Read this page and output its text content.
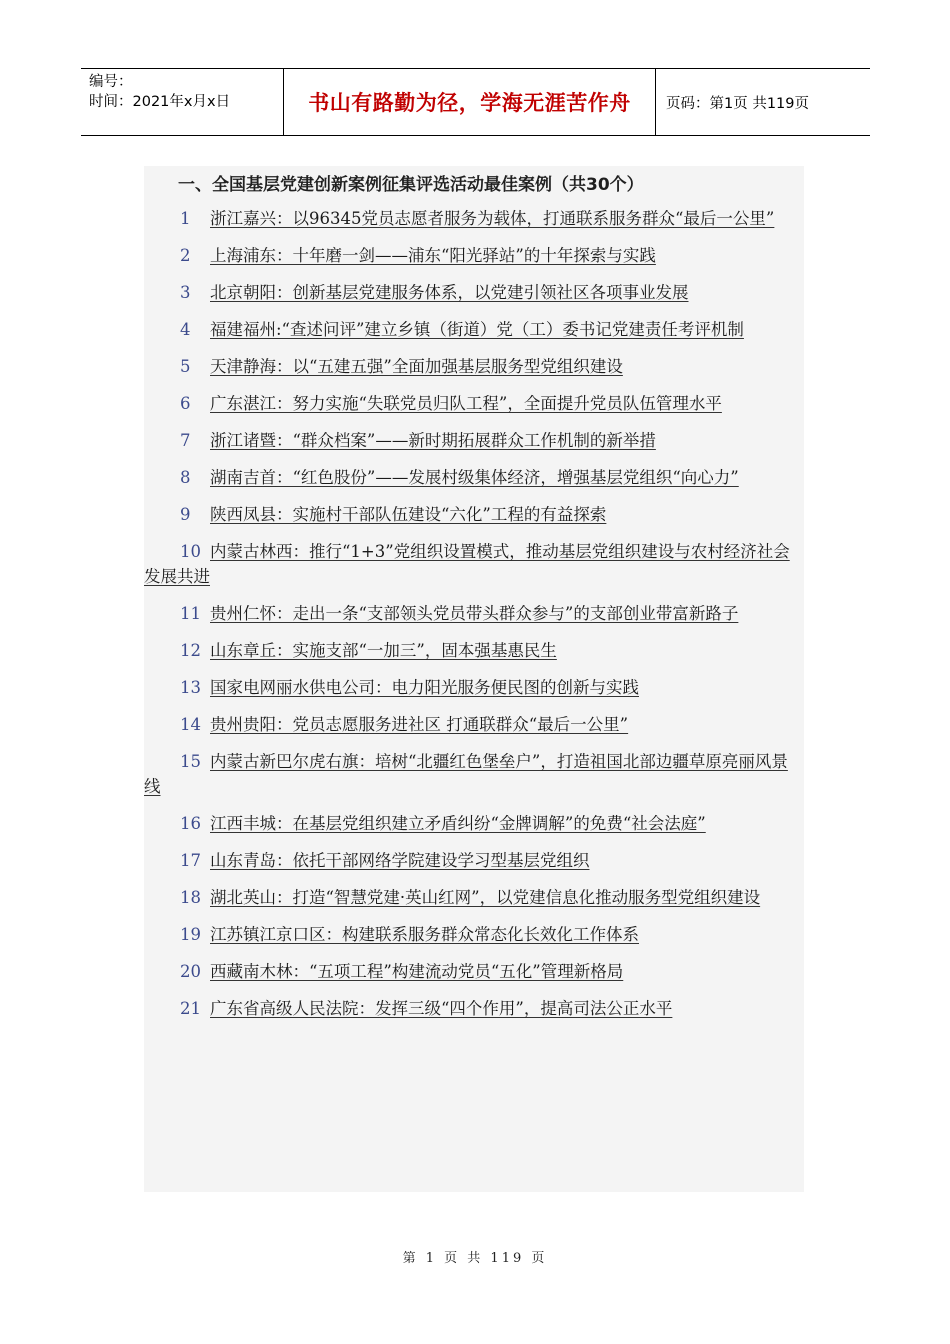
编号：
时间：2021年x月x日	书山有路勤为径，学海无涯苦作舟	页码：第1页 共119页
一、全国基层党建创新案例征集评选活动最佳案例（共30个）
1 浙江嘉兴：以96345党员志愿者服务为载体，打通联系服务群众“最后一公里”
2 上海浦东：十年磨一剑——浦东“阳光驿站”的十年探索与实践
3 北京朝阳：创新基层党建服务体系，以党建引领社区各项事业发展
4 福建福州:“查述问评”建立乡镇（街道）党（工）委书记党建责任考评机制
5 天津静海：以“五建五强”全面加强基层服务型党组织建设
6 广东湛江：努力实施“失联党员归队工程”，全面提升党员队伍管理水平
7 浙江诸暨：“群众档案”——新时期拓展群众工作机制的新举措
8 湖南吉首：“红色股份”——发展村级集体经济，增强基层党组织“向心力”
9 陕西凤县：实施村干部队伍建设“六化”工程的有益探索
10 内蒙古林西：推行“1+3”党组织设置模式，推动基层党组织建设与农村经济社会发展共进
11 贵州仁怀：走出一条“支部领头党员带头群众参与”的支部创业带富新路子
12 山东章丘：实施支部“一加三”，固本强基惠民生
13 国家电网丽水供电公司：电力阳光服务便民图的创新与实践
14 贵州贵阳：党员志愿服务进社区 打通联群众“最后一公里”
15 内蒙古新巴尔虎右旗：培树“北疆红色堡垒户”，打造祖国北部边疆草原亮丽风景线
16 江西丰城：在基层党组织建立矛盾纠纷“金牌调解”的免费“社会法庭”
17 山东青岛：依托干部网络学院建设学习型基层党组织
18 湖北英山：打造“智慧党建·英山红网”，以党建信息化推动服务型党组织建设
19 江苏镇江京口区：构建联系服务群众常态化长效化工作体系
20 西藏南木林：“五项工程”构建流动党员“五化”管理新格局
21 广东省高级人民法院：发挥三级“四个作用”，提高司法公正水平
第 1 页 共 119 页
